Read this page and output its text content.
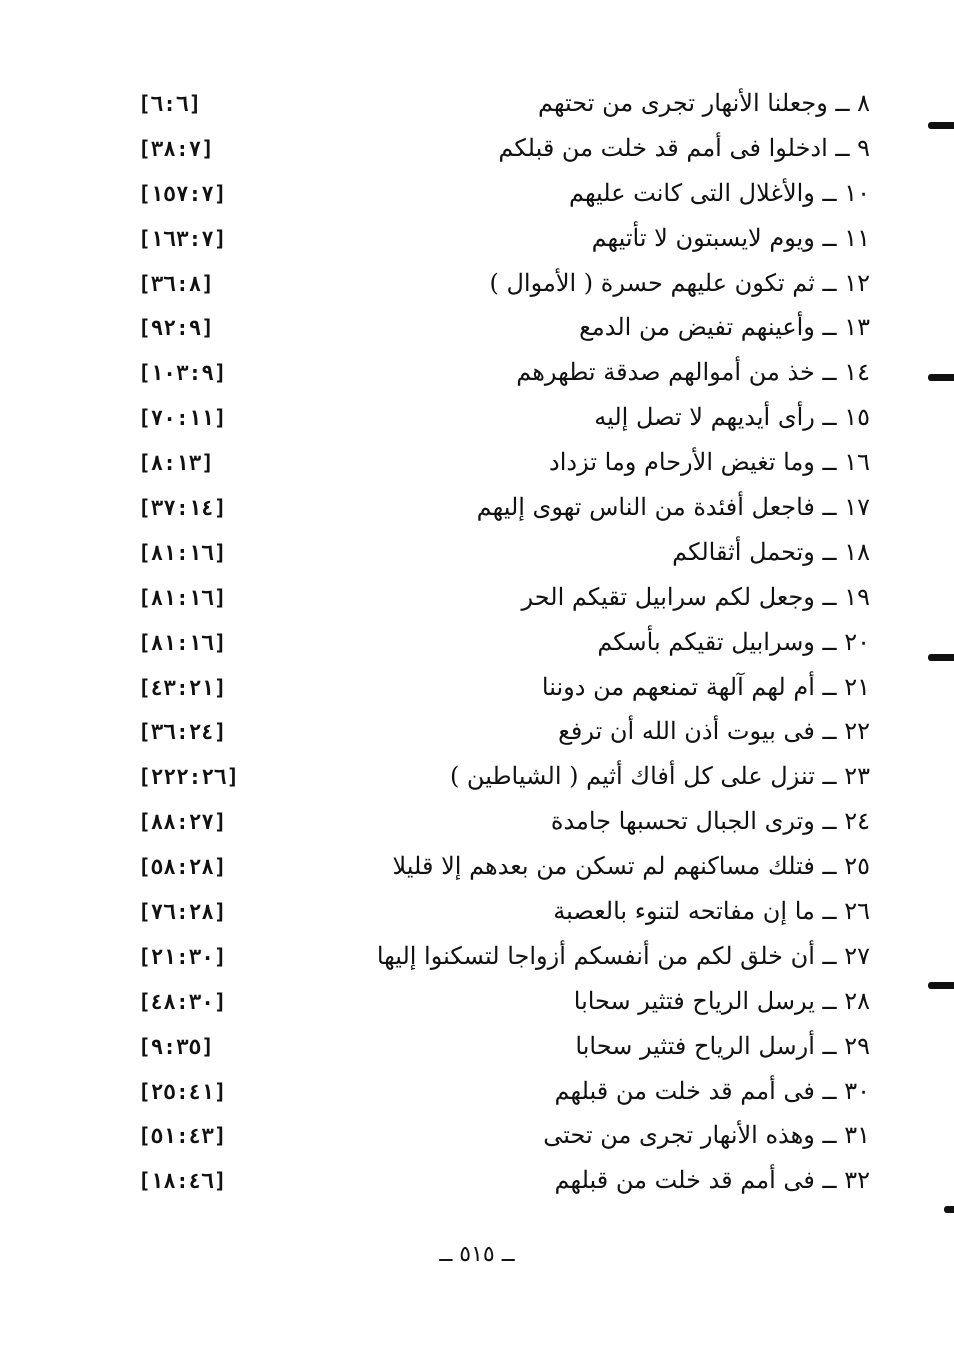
٨ ــ وجعلنا الأنهار تجرى من تحتهم
[٦:٦]
٩ ــ ادخلوا فى أمم قد خلت من قبلكم
[٣٨:٧]
١٠ ــ والأغلال التى كانت عليهم
[١٥٧:٧]
١١ ــ ويوم لايسبتون لا تأتيهم
[١٦٣:٧]
١٢ ــ ثم تكون عليهم حسرة ( الأموال )
[٣٦:٨]
١٣ ــ وأعينهم تفيض من الدمع
[٩٢:٩]
١٤ ــ خذ من أموالهم صدقة تطهرهم
[١٠٣:٩]
١٥ ــ رأى أيديهم لا تصل إليه
[٧٠:١١]
١٦ ــ وما تغيض الأرحام وما تزداد
[٨:١٣]
١٧ ــ فاجعل أفئدة من الناس تهوى إليهم
[٣٧:١٤]
١٨ ــ وتحمل أثقالكم
[٨١:١٦]
١٩ ــ وجعل لكم سرابيل تقيكم الحر
[٨١:١٦]
٢٠ ــ وسرابيل تقيكم بأسكم
[٨١:١٦]
٢١ ــ أم لهم آلهة تمنعهم من دوننا
[٤٣:٢١]
٢٢ ــ فى بيوت أذن الله أن ترفع
[٣٦:٢٤]
٢٣ ــ تنزل على كل أفاك أثيم ( الشياطين )
[٢٢٢:٢٦]
٢٤ ــ وترى الجبال تحسبها جامدة
[٨٨:٢٧]
٢٥ ــ فتلك مساكنهم لم تسكن من بعدهم إلا قليلا
[٥٨:٢٨]
٢٦ ــ ما إن مفاتحه لتنوء بالعصبة
[٧٦:٢٨]
٢٧ ــ أن خلق لكم من أنفسكم أزواجا لتسكنوا إليها
[٢١:٣٠]
٢٨ ــ يرسل الرياح فتثير سحابا
[٤٨:٣٠]
٢٩ ــ أرسل الرياح فتثير سحابا
[٩:٣٥]
٣٠ ــ فى أمم قد خلت من قبلهم
[٢٥:٤١]
٣١ ــ وهذه الأنهار تجرى من تحتى
[٥١:٤٣]
٣٢ ــ فى أمم قد خلت من قبلهم
[١٨:٤٦]
ــ ٥١٥ ــ
